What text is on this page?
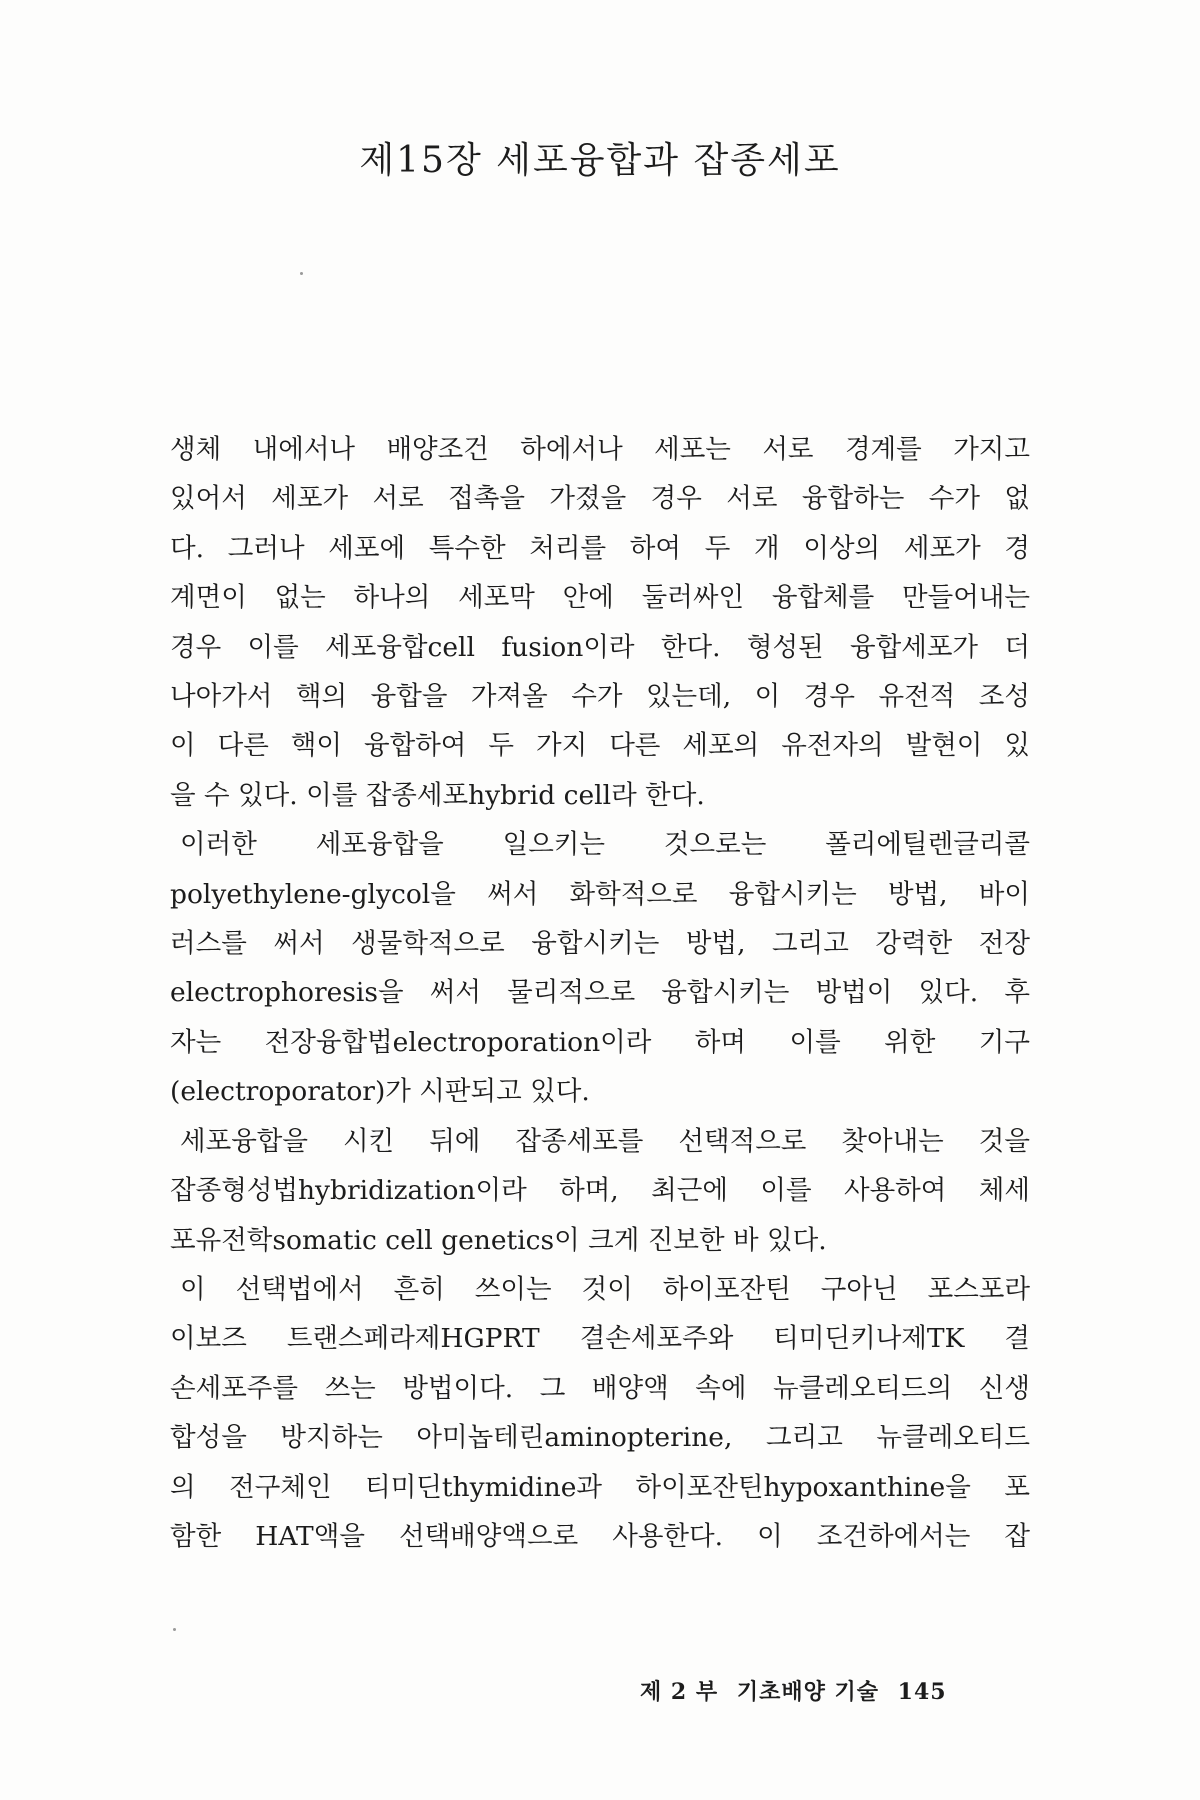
제15장 세포융합과 잡종세포
생체 내에서나 배양조건 하에서나 세포는 서로 경계를 가지고
있어서 세포가 서로 접촉을 가졌을 경우 서로 융합하는 수가 없
다. 그러나 세포에 특수한 처리를 하여 두 개 이상의 세포가 경
계면이 없는 하나의 세포막 안에 둘러싸인 융합체를 만들어내는
경우 이를 세포융합cell fusion이라 한다. 형성된 융합세포가 더
나아가서 핵의 융합을 가져올 수가 있는데, 이 경우 유전적 조성
이 다른 핵이 융합하여 두 가지 다른 세포의 유전자의 발현이 있
을 수 있다. 이를 잡종세포hybrid cell라 한다.
이러한 세포융합을 일으키는 것으로는 폴리에틸렌글리콜
polyethylene-glycol을 써서 화학적으로 융합시키는 방법, 바이
러스를 써서 생물학적으로 융합시키는 방법, 그리고 강력한 전장
electrophoresis을 써서 물리적으로 융합시키는 방법이 있다. 후
자는 전장융합법electroporation이라 하며 이를 위한 기구
(electroporator)가 시판되고 있다.
세포융합을 시킨 뒤에 잡종세포를 선택적으로 찾아내는 것을
잡종형성법hybridization이라 하며, 최근에 이를 사용하여 체세
포유전학somatic cell genetics이 크게 진보한 바 있다.
이 선택법에서 흔히 쓰이는 것이 하이포잔틴 구아닌 포스포라
이보즈 트랜스페라제HGPRT 결손세포주와 티미딘키나제TK 결
손세포주를 쓰는 방법이다. 그 배양액 속에 뉴클레오티드의 신생
합성을 방지하는 아미놉테린aminopterine, 그리고 뉴클레오티드
의 전구체인 티미딘thymidine과 하이포잔틴hypoxanthine을 포
함한 HAT액을 선택배양액으로 사용한다. 이 조건하에서는 잡
제 2 부 기초배양 기술 145
